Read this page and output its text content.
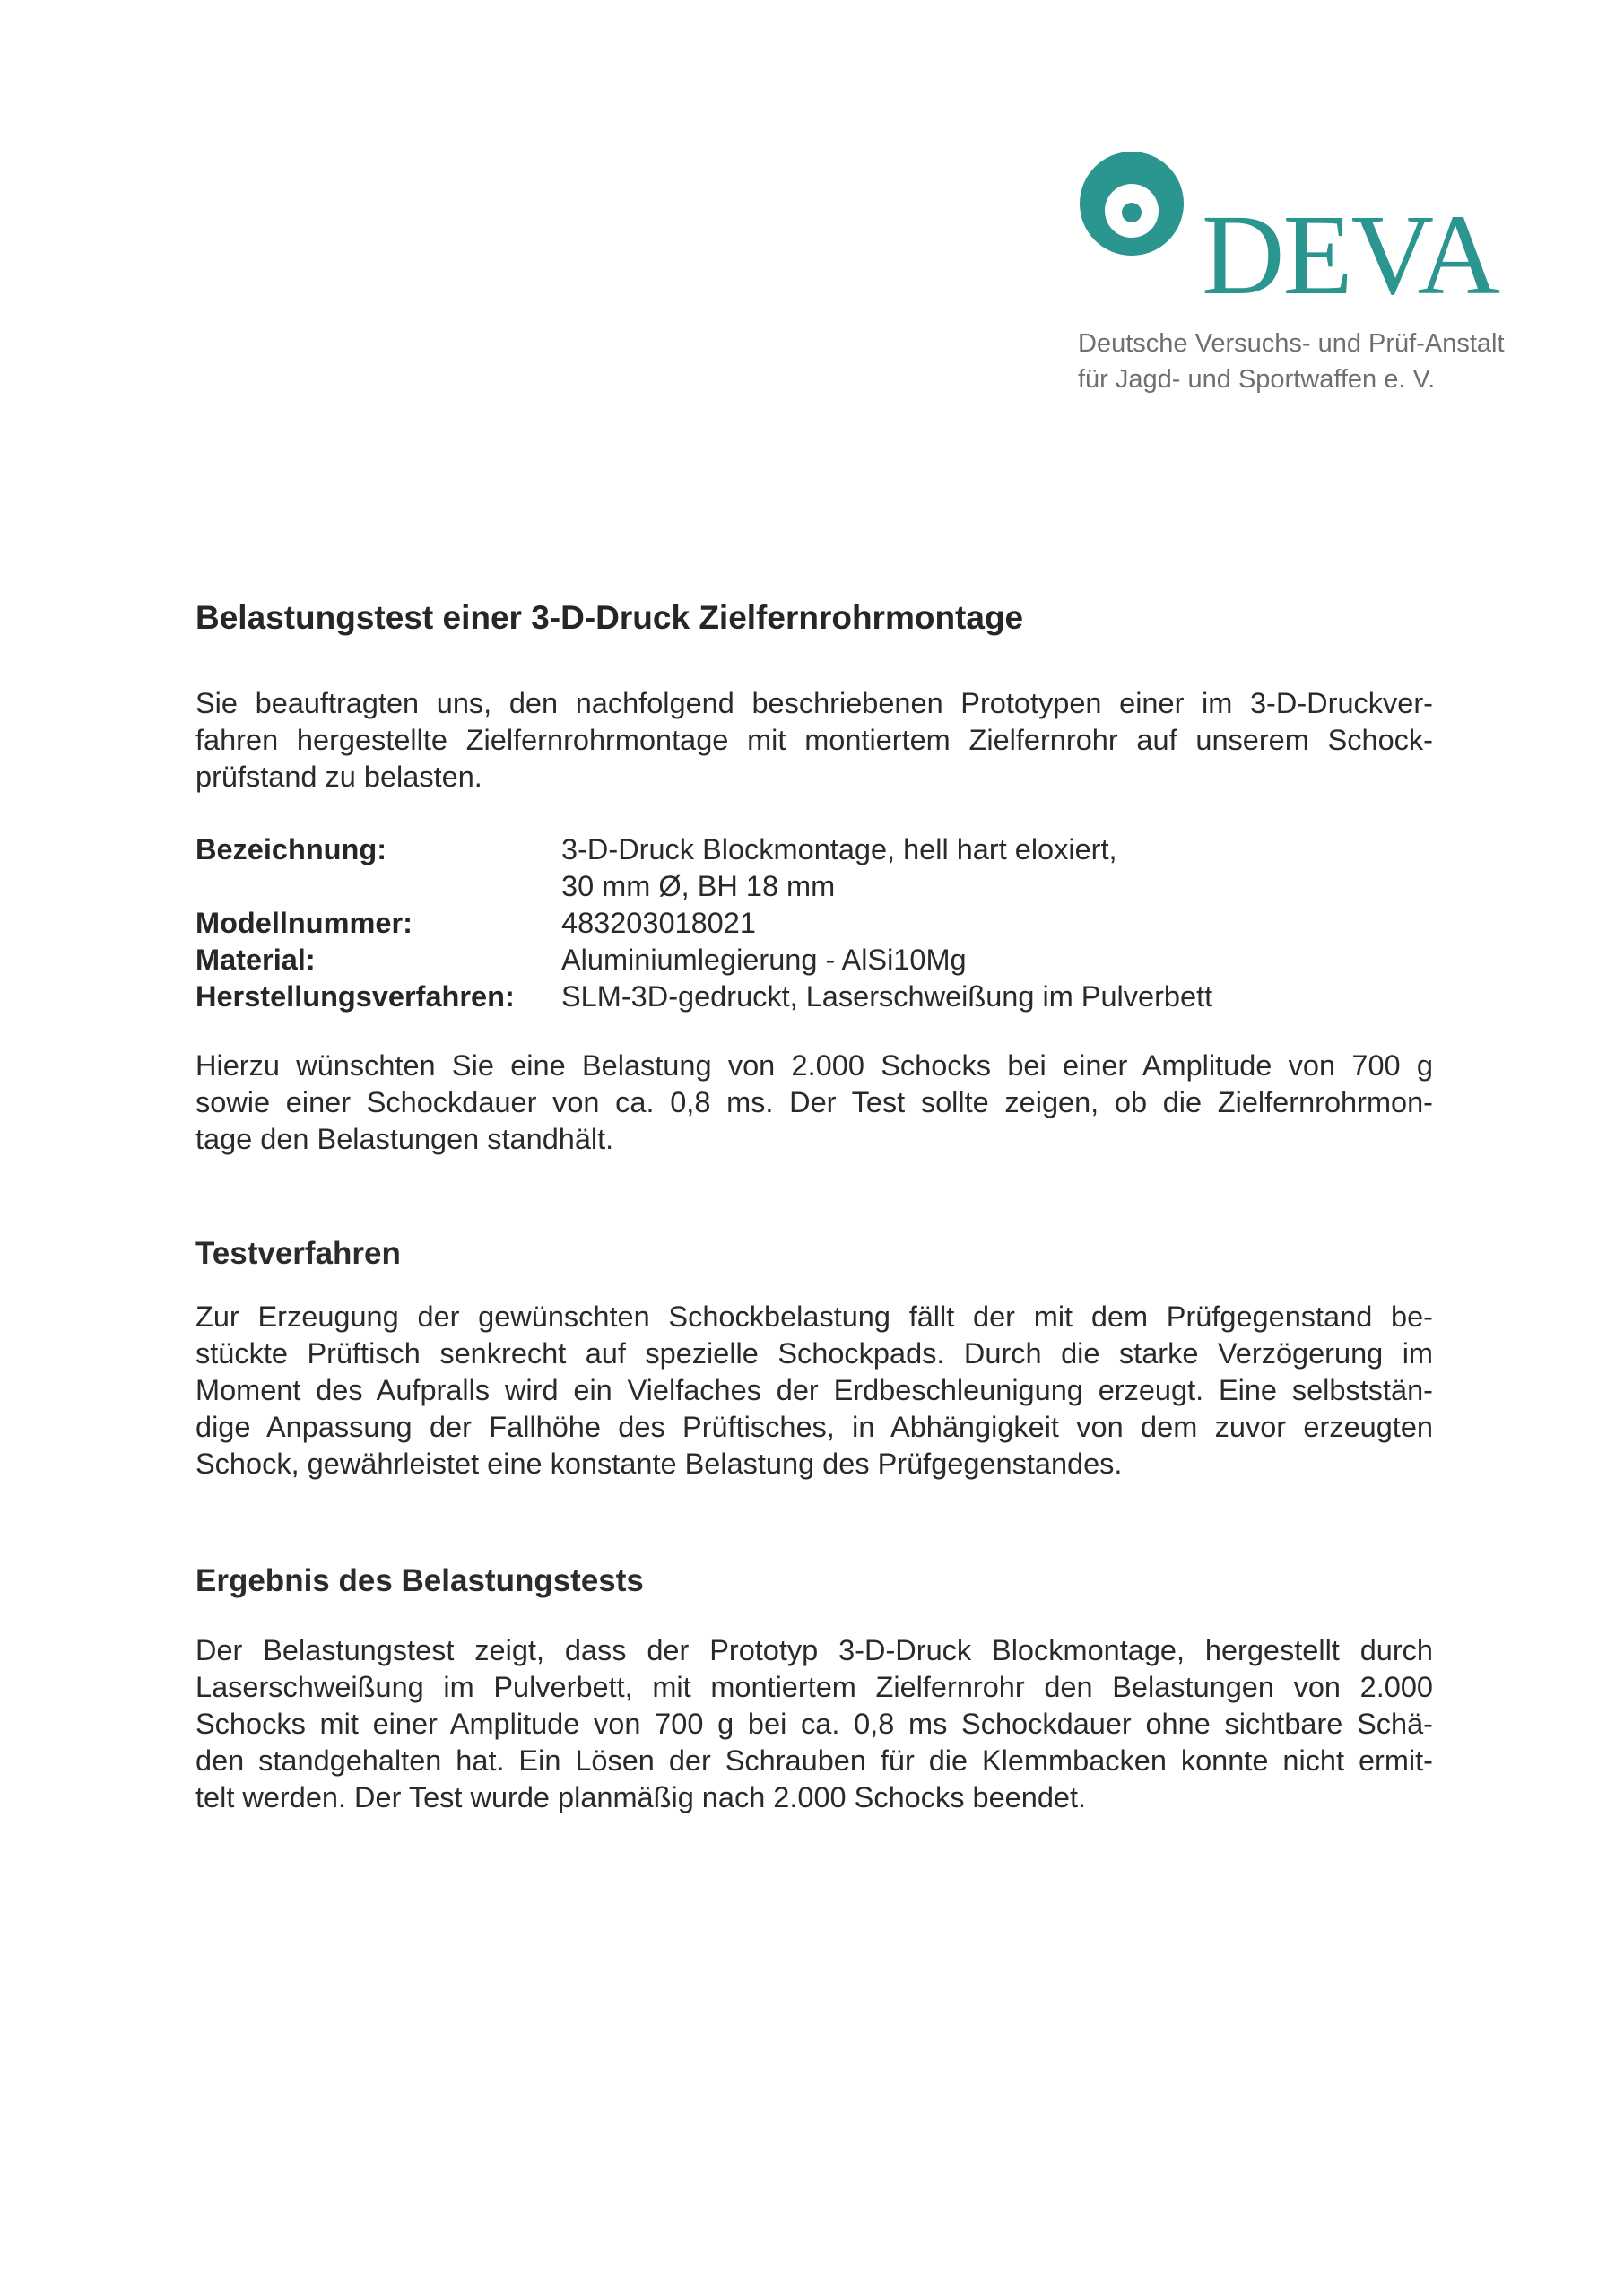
DEVA
Deutsche Versuchs- und Prüf-Anstalt
für Jagd- und Sportwaffen e. V.
Belastungstest einer 3-D-Druck Zielfernrohrmontage
Sie beauftragten uns, den nachfolgend beschriebenen Prototypen einer im 3-D-Druckver-
fahren hergestellte Zielfernrohrmontage mit montiertem Zielfernrohr auf unserem Schock-
prüfstand zu belasten.
Bezeichnung:	3-D-Druck Blockmontage, hell hart eloxiert,
30 mm Ø, BH 18 mm
Modellnummer:	483203018021
Material:	Aluminiumlegierung - AlSi10Mg
Herstellungsverfahren: SLM-3D-gedruckt, Laserschweißung im Pulverbett
Hierzu wünschten Sie eine Belastung von 2.000 Schocks bei einer Amplitude von 700 g
sowie einer Schockdauer von ca. 0,8 ms. Der Test sollte zeigen, ob die Zielfernrohrmon-
tage den Belastungen standhält.
Testverfahren
Zur Erzeugung der gewünschten Schockbelastung fällt der mit dem Prüfgegenstand be-
stückte Prüftisch senkrecht auf spezielle Schockpads. Durch die starke Verzögerung im
Moment des Aufpralls wird ein Vielfaches der Erdbeschleunigung erzeugt. Eine selbststän-
dige Anpassung der Fallhöhe des Prüftisches, in Abhängigkeit von dem zuvor erzeugten
Schock, gewährleistet eine konstante Belastung des Prüfgegenstandes.
Ergebnis des Belastungstests
Der Belastungstest zeigt, dass der Prototyp 3-D-Druck Blockmontage, hergestellt durch
Laserschweißung im Pulverbett, mit montiertem Zielfernrohr den Belastungen von 2.000
Schocks mit einer Amplitude von 700 g bei ca. 0,8 ms Schockdauer ohne sichtbare Schä-
den standgehalten hat. Ein Lösen der Schrauben für die Klemmbacken konnte nicht ermit-
telt werden. Der Test wurde planmäßig nach 2.000 Schocks beendet.
